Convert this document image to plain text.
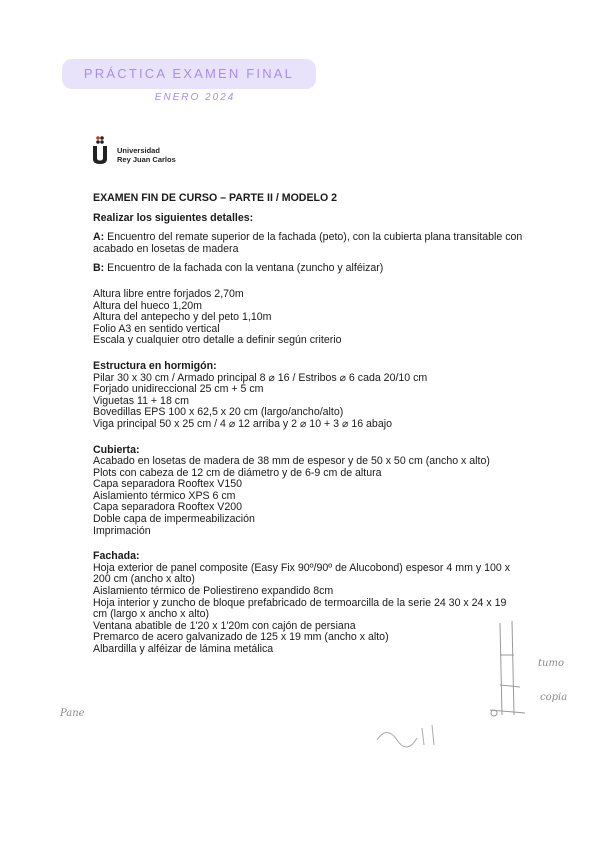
PRÁCTICA EXAMEN FINAL
ENERO 2024
Universidad
Rey Juan Carlos
EXAMEN FIN DE CURSO – PARTE II / MODELO 2
Realizar los siguientes detalles:
A: Encuentro del remate superior de la fachada (peto), con la cubierta plana transitable con acabado en losetas de madera
B: Encuentro de la fachada con la ventana (zuncho y alféizar)
Altura libre entre forjados 2,70m
Altura del hueco 1,20m
Altura del antepecho y del peto 1,10m
Folio A3 en sentido vertical
Escala y cualquier otro detalle a definir según criterio
Estructura en hormigón:
Pilar 30 x 30 cm / Armado principal 8 ⌀ 16 / Estribos ⌀ 6 cada 20/10 cm
Forjado unidireccional 25 cm + 5 cm
Viguetas 11 + 18 cm
Bovedillas EPS 100 x 62,5 x 20 cm (largo/ancho/alto)
Viga principal 50 x 25 cm / 4 ⌀ 12 arriba y 2 ⌀ 10 + 3 ⌀ 16 abajo
Cubierta:
Acabado en losetas de madera de 38 mm de espesor y de 50 x 50 cm (ancho x alto)
Plots con cabeza de 12 cm de diámetro y de 6-9 cm de altura
Capa separadora Rooftex V150
Aislamiento térmico XPS 6 cm
Capa separadora Rooftex V200
Doble capa de impermeabilización
Imprimación
Fachada:
Hoja exterior de panel composite (Easy Fix 90º/90º de Alucobond) espesor 4 mm y 100 x 200 cm (ancho x alto)
Aislamiento térmico de Poliestireno expandido 8cm
Hoja interior y zuncho de bloque prefabricado de termoarcilla de la serie 24 30 x 24 x 19 cm (largo x ancho x alto)
Ventana abatible de 1'20 x 1'20m con cajón de persiana
Premarco de acero galvanizado de 125 x 19 mm (ancho x alto)
Albardilla y alféizar de lámina metálica
Pane
tumo
copia
